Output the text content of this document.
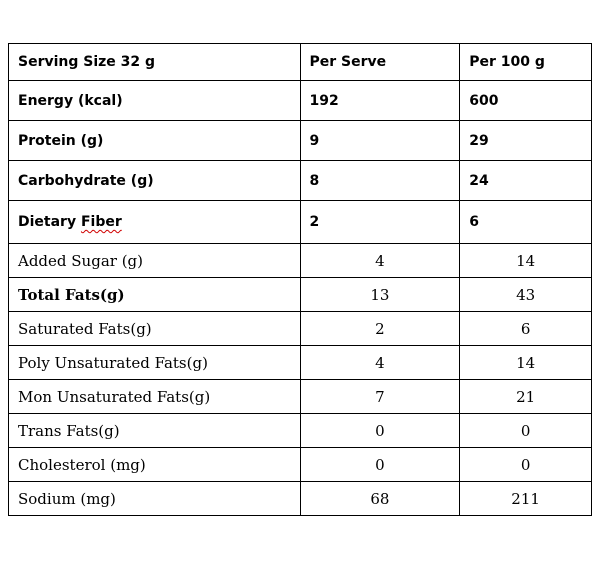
Serving Size 32 g	Per Serve	Per 100 g
Energy (kcal)	192	600
Protein (g)	9	29
Carbohydrate (g)	8	24
Dietary Fiber	2	6
Added Sugar (g)	4	14
Total Fats(g)	13	43
Saturated Fats(g)	2	6
Poly Unsaturated Fats(g)	4	14
Mon Unsaturated Fats(g)	7	21
Trans Fats(g)	0	0
Cholesterol (mg)	0	0
Sodium (mg)	68	211
